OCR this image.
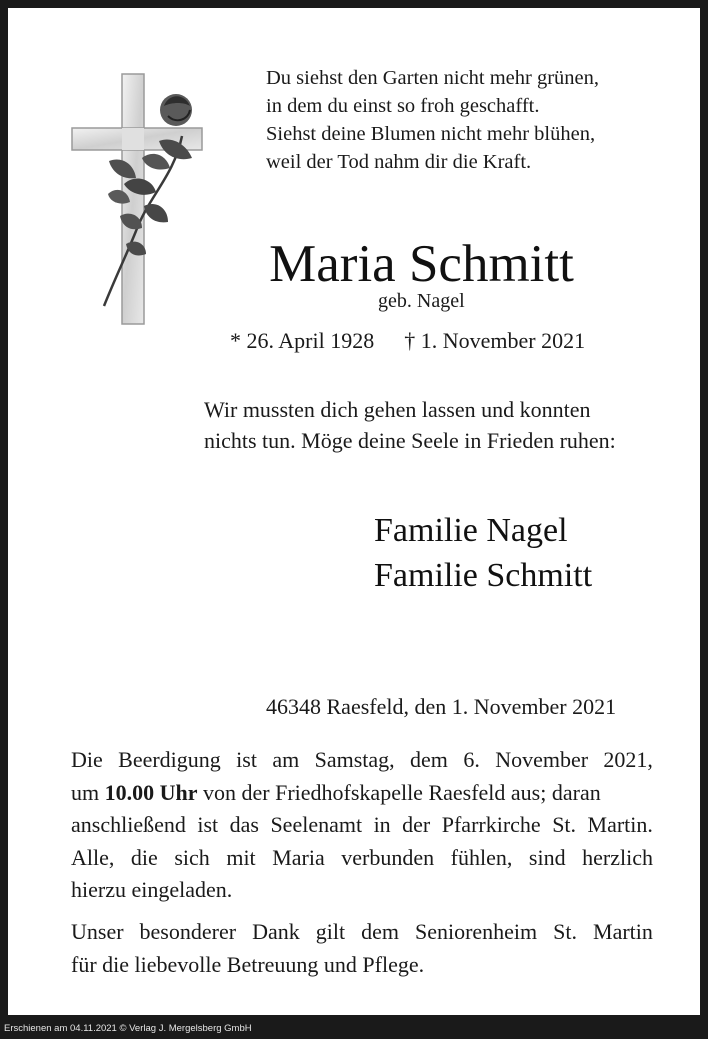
Du siehst den Garten nicht mehr grünen,
in dem du einst so froh geschafft.
Siehst deine Blumen nicht mehr blühen,
weil der Tod nahm dir die Kraft.
Maria Schmitt
geb. Nagel
* 26. April 1928 † 1. November 2021
Wir mussten dich gehen lassen und konnten
nichts tun. Möge deine Seele in Frieden ruhen:
Familie Nagel
Familie Schmitt
46348 Raesfeld, den 1. November 2021
Die Beerdigung ist am Samstag, dem 6. November 2021,
um 10.00 Uhr von der Friedhofskapelle Raesfeld aus; daran
anschließend ist das Seelenamt in der Pfarrkirche St. Martin.
Alle, die sich mit Maria verbunden fühlen, sind herzlich
hierzu eingeladen.
Unser besonderer Dank gilt dem Seniorenheim St. Martin
für die liebevolle Betreuung und Pflege.
Erschienen am 04.11.2021 © Verlag J. Mergelsberg GmbH
